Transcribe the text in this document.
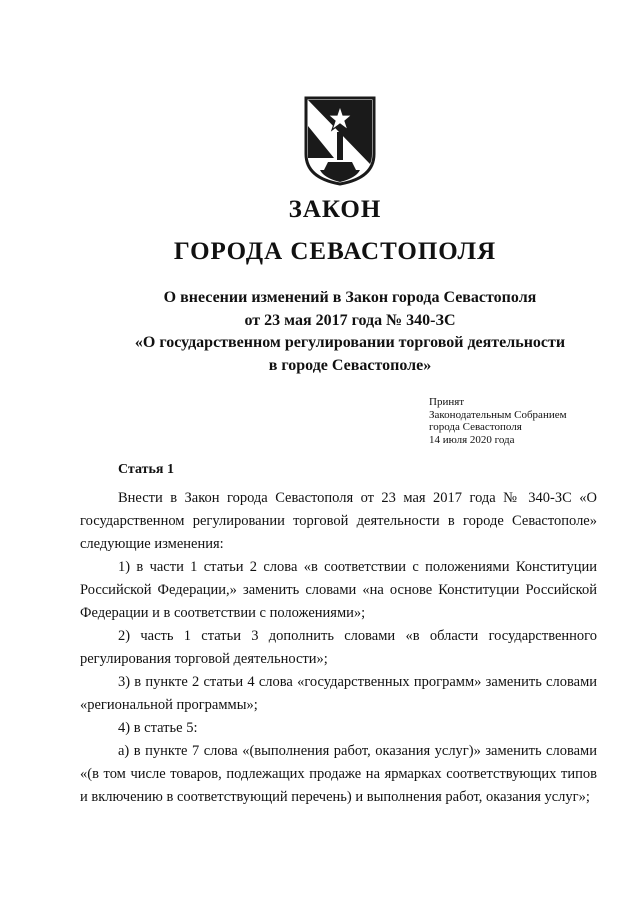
ЗАКОН
ГОРОДА СЕВАСТОПОЛЯ
О внесении изменений в Закон города Севастополя
от 23 мая 2017 года № 340-ЗС
«О государственном регулировании торговой деятельности
в городе Севастополе»
Принят
Законодательным Собранием
города Севастополя
14 июля 2020 года
Статья 1

Внести в Закон города Севастополя от 23 мая 2017 года № 340-ЗС «О государственном регулировании торговой деятельности в городе Севастополе» следующие изменения:

1) в части 1 статьи 2 слова «в соответствии с положениями Конституции Российской Федерации,» заменить словами «на основе Конституции Российской Федерации и в соответствии с положениями»;

2) часть 1 статьи 3 дополнить словами «в области государственного регулирования торговой деятельности»;

3) в пункте 2 статьи 4 слова «государственных программ» заменить словами «региональной программы»;

4) в статье 5:

а) в пункте 7 слова «(выполнения работ, оказания услуг)» заменить словами «(в том числе товаров, подлежащих продаже на ярмарках соответствующих типов и включению в соответствующий перечень) и выполнения работ, оказания услуг»;
